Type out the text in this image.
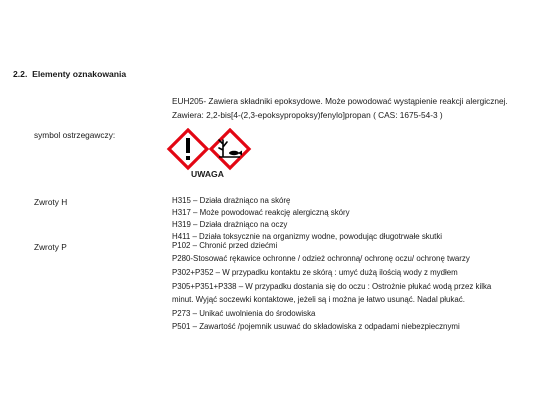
2.2. Elementy oznakowania
EUH205- Zawiera składniki epoksydowe. Może powodować wystąpienie reakcji alergicznej.
Zawiera: 2,2-bis[4-(2,3-epoksypropoksy)fenylo]propan ( CAS: 1675-54-3 )
symbol ostrzegawczy:
UWAGA
Zwroty H	H315 – Działa drażniąco na skórę
H317 – Może powodować reakcję alergiczną skóry
H319 – Działa drażniąco na oczy
H411 – Działa toksycznie na organizmy wodne, powodując długotrwałe skutki
Zwroty P	P102 – Chronić przed dziećmi
P280-Stosować rękawice ochronne / odzież ochronną/ ochronę oczu/ ochronę twarzy
P302+P352 – W przypadku kontaktu ze skórą : umyć dużą ilością wody z mydłem
P305+P351+P338 – W przypadku dostania się do oczu : Ostrożnie płukać wodą przez kilka
minut. Wyjąć soczewki kontaktowe, jeżeli są i można je łatwo usunąć. Nadal płukać.
P273 – Unikać uwolnienia do środowiska
P501 – Zawartość /pojemnik usuwać do składowiska z odpadami niebezpiecznymi
